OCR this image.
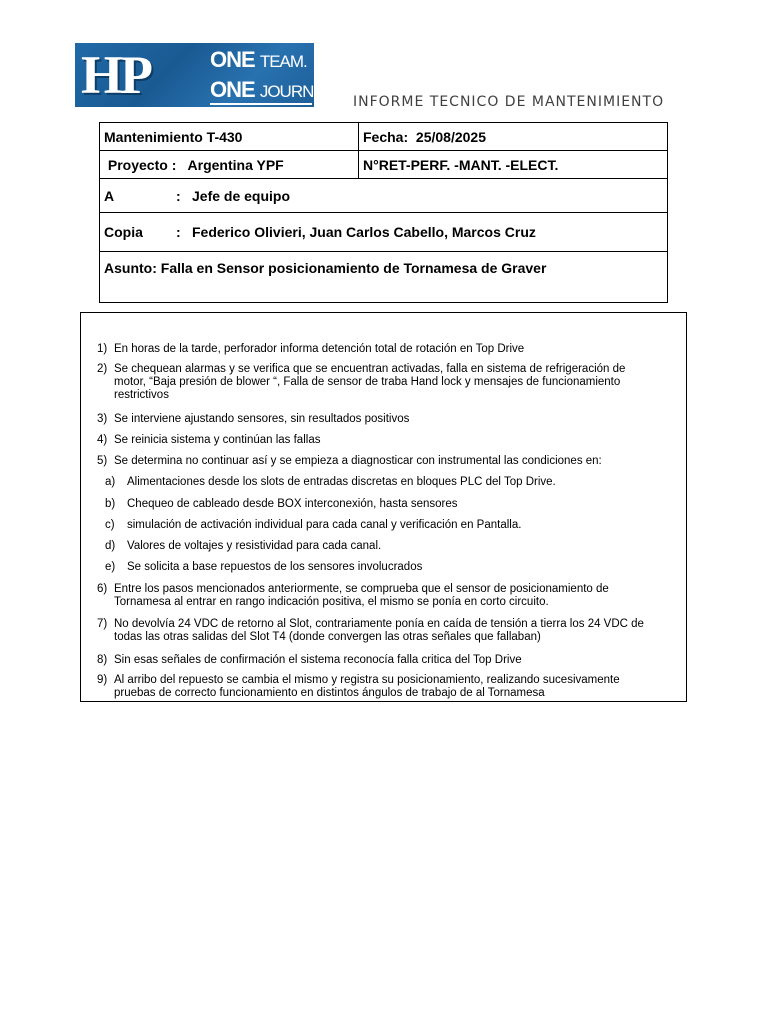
HP	ONE TEAM.
ONE JOURNEY.
INFORME TECNICO DE MANTENIMIENTO
Mantenimiento T-430	Fecha: 25/08/2025
Proyecto : Argentina YPF	N°RET-PERF. -MANT. -ELECT.
A : Jefe de equipo	
Copia : Federico Olivieri, Juan Carlos Cabello, Marcos Cruz	
Asunto: Falla en Sensor posicionamiento de Tornamesa de Graver	
1) En horas de la tarde, perforador informa detención total de rotación en Top Drive
2) Se chequean alarmas y se verifica que se encuentran activadas, falla en sistema de refrigeración de motor, “Baja presión de blower “, Falla de sensor de traba Hand lock y mensajes de funcionamiento restrictivos
3) Se interviene ajustando sensores, sin resultados positivos
4) Se reinicia sistema y continúan las fallas
5) Se determina no continuar así y se empieza a diagnosticar con instrumental las condiciones en:
a)	Alimentaciones desde los slots de entradas discretas en bloques PLC del Top Drive.
b)	Chequeo de cableado desde BOX interconexión, hasta sensores
c)	simulación de activación individual para cada canal y verificación en Pantalla.
d)	Valores de voltajes y resistividad para cada canal.
e)	Se solicita a base repuestos de los sensores involucrados
6) Entre los pasos mencionados anteriormente, se comprueba que el sensor de posicionamiento de Tornamesa al entrar en rango indicación positiva, el mismo se ponía en corto circuito.
7) No devolvía 24 VDC de retorno al Slot, contrariamente ponía en caída de tensión a tierra los 24 VDC de todas las otras salidas del Slot T4 (donde convergen las otras señales que fallaban)
8) Sin esas señales de confirmación el sistema reconocía falla critica del Top Drive
9) Al arribo del repuesto se cambia el mismo y registra su posicionamiento, realizando sucesivamente pruebas de correcto funcionamiento en distintos ángulos de trabajo de al Tornamesa
